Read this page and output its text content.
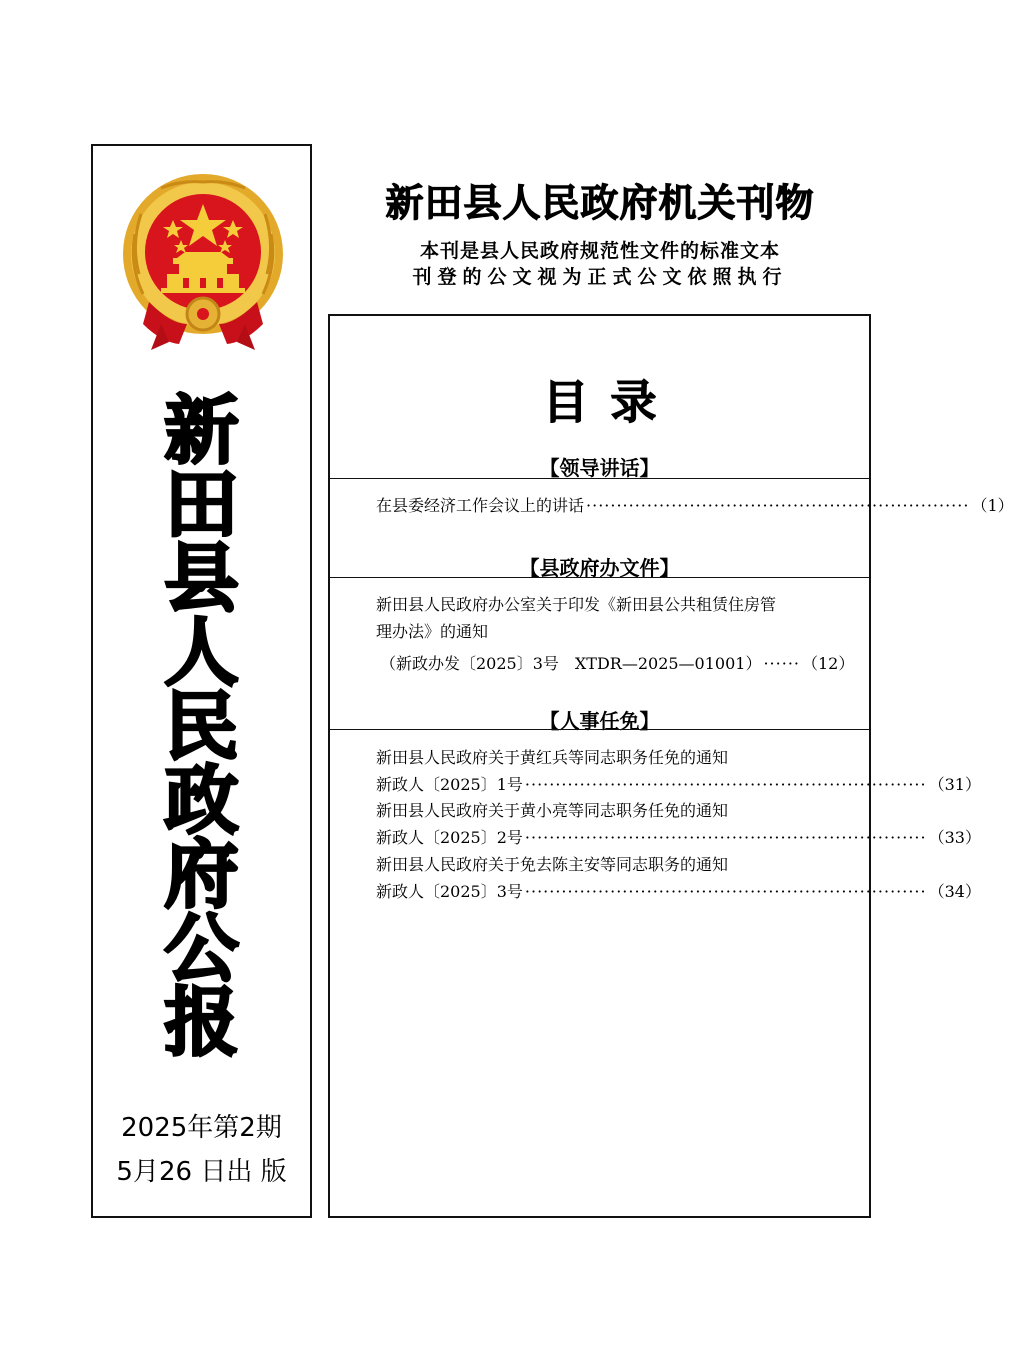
新
田
县
人
民
政
府
公
报
2025年第2期
5月26 日出 版
新田县人民政府机关刊物
本刊是县人民政府规范性文件的标准文本
刊登的公文视为正式公文依照执行
目录
【领导讲话】
在县委经济工作会议上的讲话 ······························································· （1）
【县政府办文件】
新田县人民政府办公室关于印发《新田县公共租赁住房管
理办法》的通知
（新政办发〔2025〕3号　XTDR—2025—01001） ······ （12）
【人事任免】
新田县人民政府关于黄红兵等同志职务任免的通知
新政人〔2025〕1号 ·································································· （31）
新田县人民政府关于黄小亮等同志职务任免的通知
新政人〔2025〕2号 ·································································· （33）
新田县人民政府关于免去陈主安等同志职务的通知
新政人〔2025〕3号 ·································································· （34）
